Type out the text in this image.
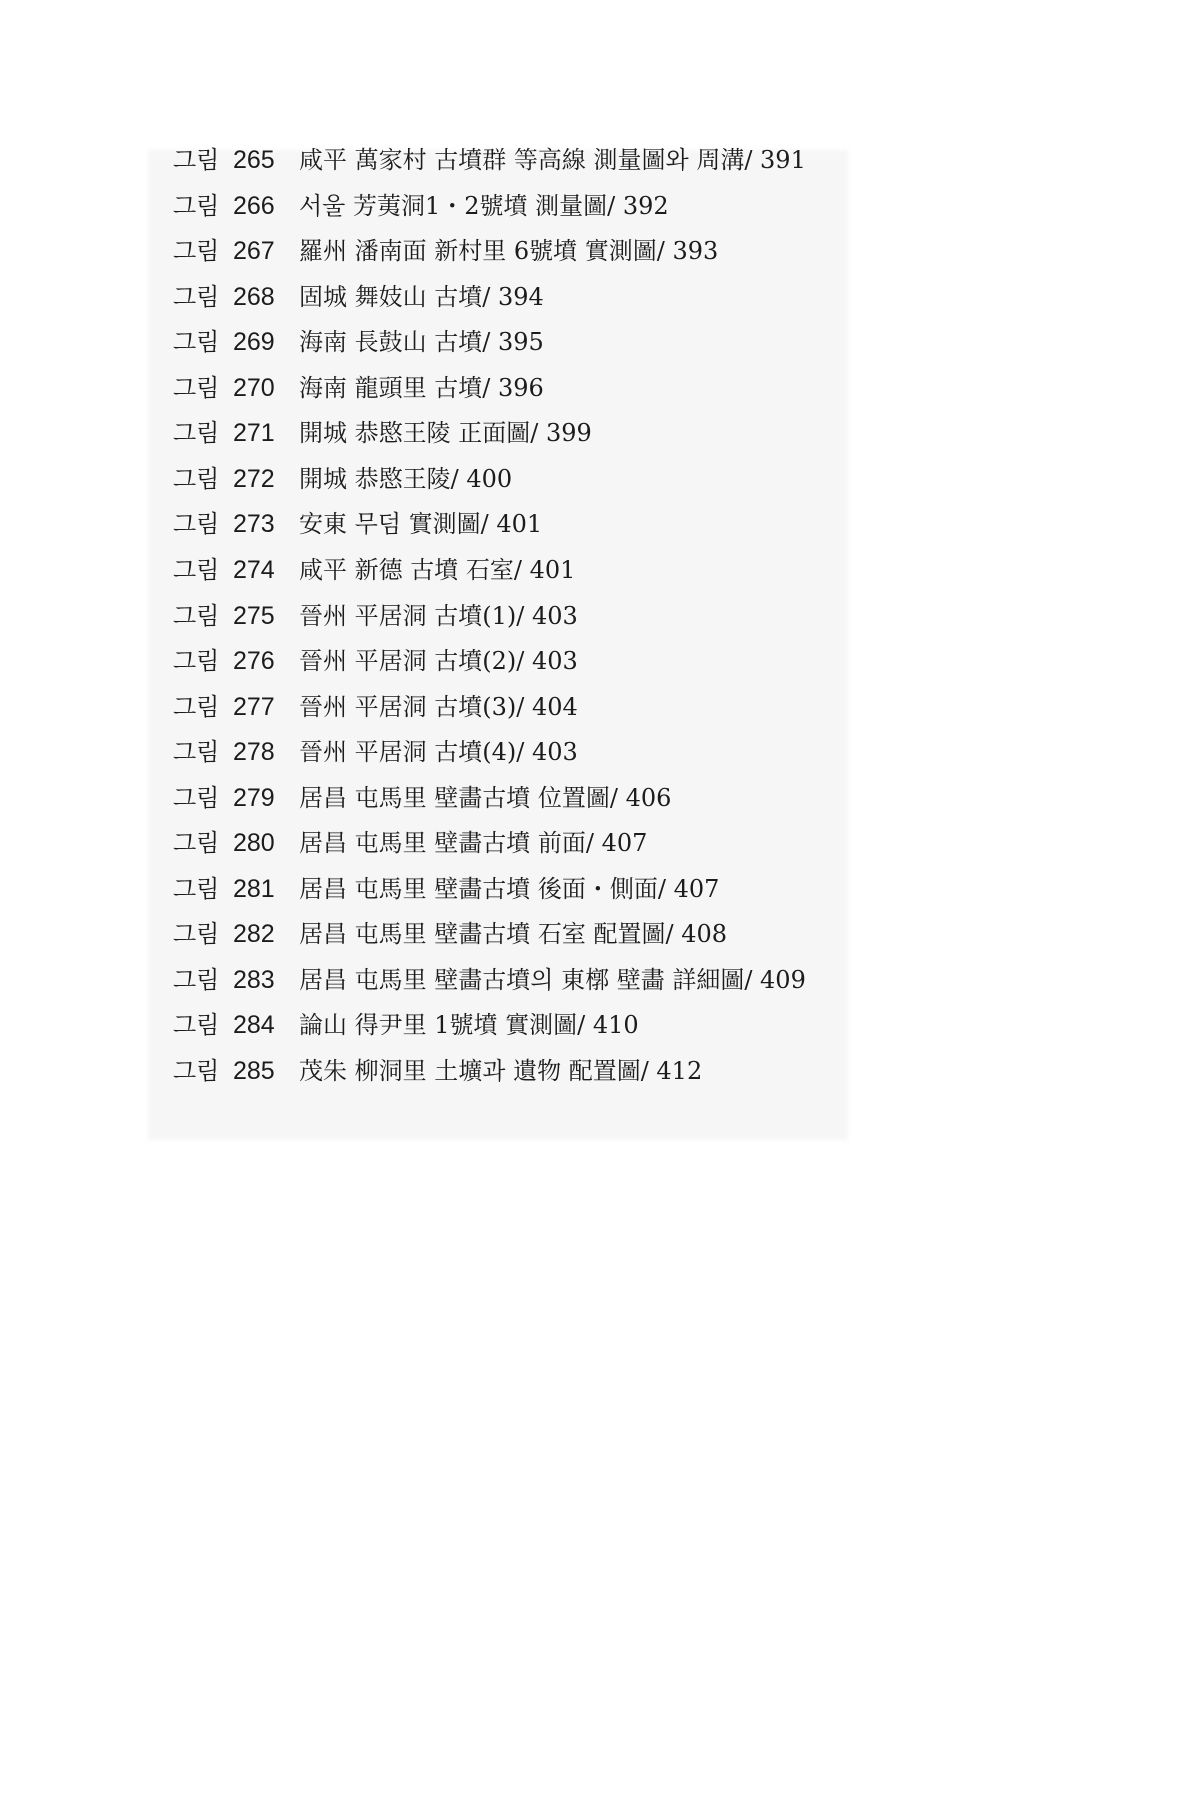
그림 265 咸平 萬家村 古墳群 等高線 測量圖와 周溝/ 391
그림 266 서울 芳荑洞1・2號墳 測量圖/ 392
그림 267 羅州 潘南面 新村里 6號墳 實測圖/ 393
그림 268 固城 舞妓山 古墳/ 394
그림 269 海南 長鼓山 古墳/ 395
그림 270 海南 龍頭里 古墳/ 396
그림 271 開城 恭愍王陵 正面圖/ 399
그림 272 開城 恭愍王陵/ 400
그림 273 安東 무덤 實測圖/ 401
그림 274 咸平 新德 古墳 石室/ 401
그림 275 晉州 平居洞 古墳(1)/ 403
그림 276 晉州 平居洞 古墳(2)/ 403
그림 277 晉州 平居洞 古墳(3)/ 404
그림 278 晉州 平居洞 古墳(4)/ 403
그림 279 居昌 屯馬里 壁畵古墳 位置圖/ 406
그림 280 居昌 屯馬里 壁畵古墳 前面/ 407
그림 281 居昌 屯馬里 壁畵古墳 後面・側面/ 407
그림 282 居昌 屯馬里 壁畵古墳 石室 配置圖/ 408
그림 283 居昌 屯馬里 壁畵古墳의 東槨 壁畵 詳細圖/ 409
그림 284 論山 得尹里 1號墳 實測圖/ 410
그림 285 茂朱 柳洞里 土壙과 遺物 配置圖/ 412
